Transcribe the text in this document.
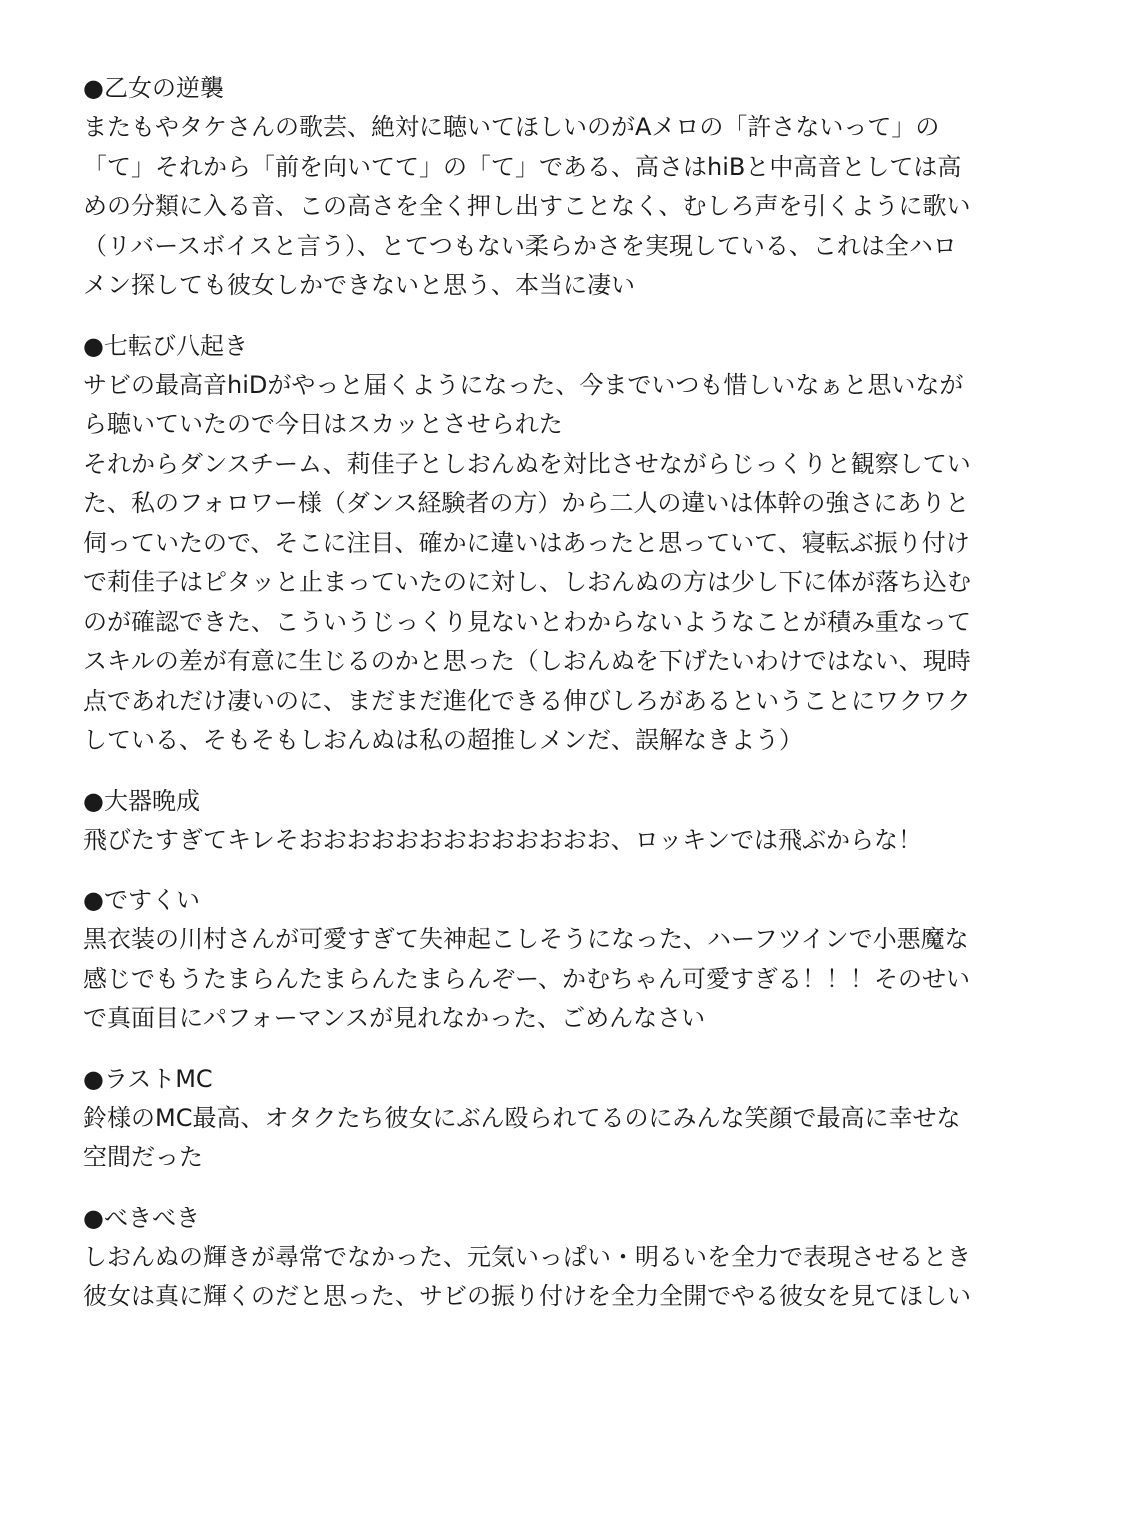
●乙女の逆襲

またもやタケさんの歌芸、絶対に聴いてほしいのがAメロの「許さないって」の

「て」それから「前を向いてて」の「て」である、高さはhiBと中高音としては高

めの分類に入る音、この高さを全く押し出すことなく、むしろ声を引くように歌い

（リバースボイスと言う）、とてつもない柔らかさを実現している、これは全ハロ

メン探しても彼女しかできないと思う、本当に凄い

●七転び八起き

サビの最高音hiDがやっと届くようになった、今までいつも惜しいなぁと思いなが

ら聴いていたので今日はスカッとさせられた

それからダンスチーム、莉佳子としおんぬを対比させながらじっくりと観察してい

た、私のフォロワー様（ダンス経験者の方）から二人の違いは体幹の強さにありと

伺っていたので、そこに注目、確かに違いはあったと思っていて、寝転ぶ振り付け

で莉佳子はピタッと止まっていたのに対し、しおんぬの方は少し下に体が落ち込む

のが確認できた、こういうじっくり見ないとわからないようなことが積み重なって

スキルの差が有意に生じるのかと思った（しおんぬを下げたいわけではない、現時

点であれだけ凄いのに、まだまだ進化できる伸びしろがあるということにワクワク

している、そもそもしおんぬは私の超推しメンだ、誤解なきよう）

●大器晩成

飛びたすぎてキレそおおおおおおおおおおおおお、ロッキンでは飛ぶからな！

●ですくい

黒衣装の川村さんが可愛すぎて失神起こしそうになった、ハーフツインで小悪魔な

感じでもうたまらんたまらんたまらんぞー、かむちゃん可愛すぎる！！！そのせい

で真面目にパフォーマンスが見れなかった、ごめんなさい

●ラストMC

鈴様のMC最高、オタクたち彼女にぶん殴られてるのにみんな笑顔で最高に幸せな

空間だった

●べきべき

しおんぬの輝きが尋常でなかった、元気いっぱい・明るいを全力で表現させるとき

彼女は真に輝くのだと思った、サビの振り付けを全力全開でやる彼女を見てほしい
